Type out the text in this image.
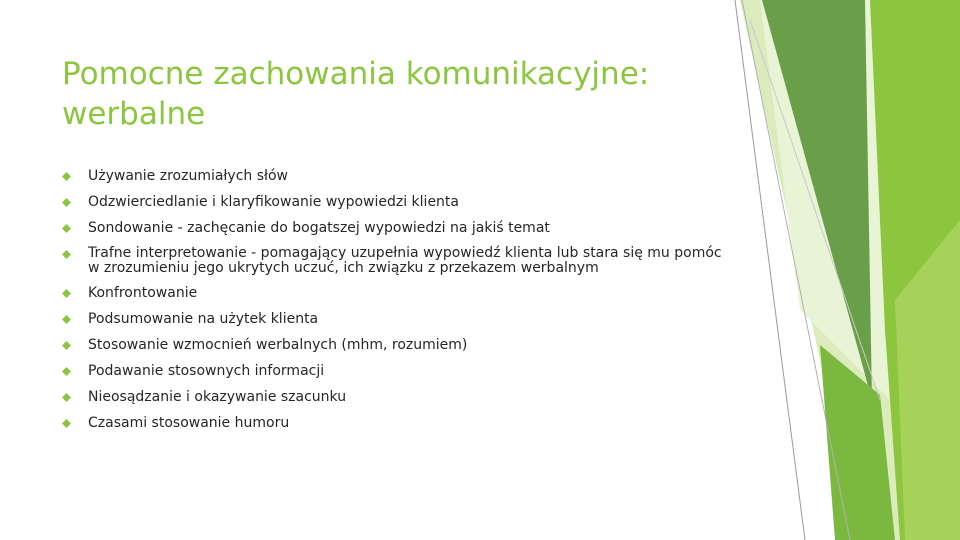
Pomocne zachowania komunikacyjne: werbalne
Używanie zrozumiałych słów
Odzwierciedlanie i klaryfikowanie wypowiedzi klienta
Sondowanie - zachęcanie do bogatszej wypowiedzi na jakiś temat
Trafne interpretowanie - pomagający uzupełnia wypowiedź klienta lub stara się mu pomóc w zrozumieniu jego ukrytych uczuć, ich związku z przekazem werbalnym
Konfrontowanie
Podsumowanie na użytek klienta
Stosowanie wzmocnień werbalnych (mhm, rozumiem)
Podawanie stosownych informacji
Nieosądzanie i okazywanie szacunku
Czasami stosowanie humoru
